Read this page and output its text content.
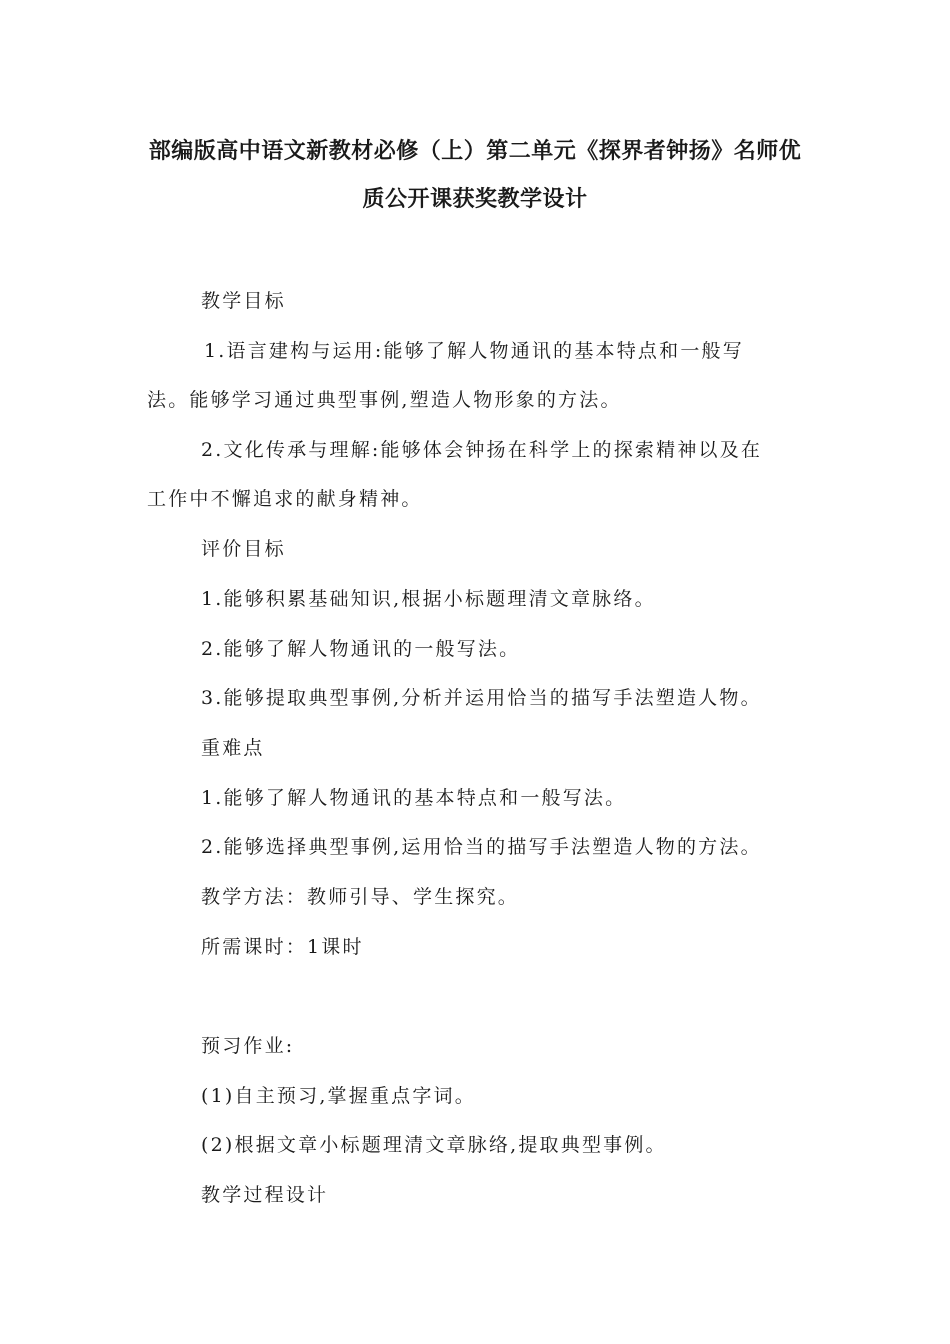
部编版高中语文新教材必修（上）第二单元《探界者钟扬》名师优
质公开课获奖教学设计
教学目标
1.语言建构与运用:能够了解人物通讯的基本特点和一般写
法。能够学习通过典型事例,塑造人物形象的方法。
2.文化传承与理解:能够体会钟扬在科学上的探索精神以及在
工作中不懈追求的献身精神。
评价目标
1.能够积累基础知识,根据小标题理清文章脉络。
2.能够了解人物通讯的一般写法。
3.能够提取典型事例,分析并运用恰当的描写手法塑造人物。
重难点
1.能够了解人物通讯的基本特点和一般写法。
2.能够选择典型事例,运用恰当的描写手法塑造人物的方法。
教学方法：教师引导、学生探究。
所需课时：1课时
预习作业:
(1)自主预习,掌握重点字词。
(2)根据文章小标题理清文章脉络,提取典型事例。
教学过程设计
